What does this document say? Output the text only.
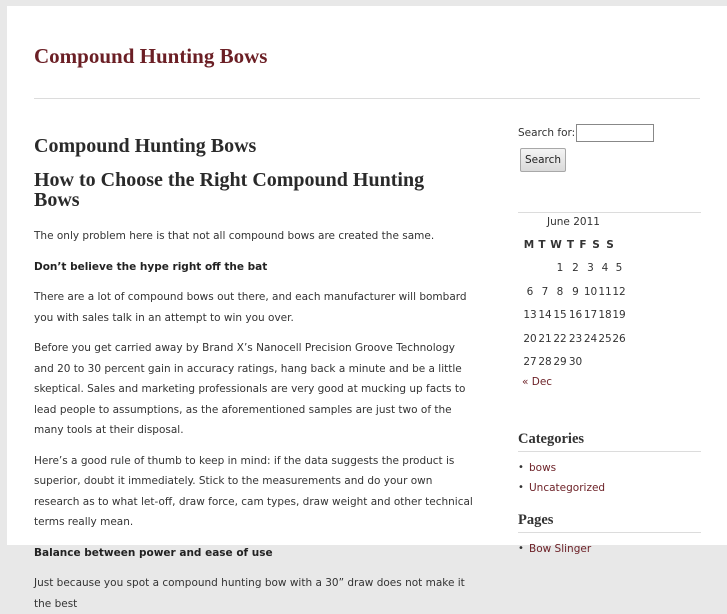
Compound Hunting Bows
Compound Hunting Bows
How to Choose the Right Compound Hunting Bows

The only problem here is that not all compound bows are created the same.

Don’t believe the hype right off the bat

There are a lot of compound bows out there, and each manufacturer will bombard you with sales talk in an attempt to win you over.

Before you get carried away by Brand X’s Nanocell Precision Groove Technology and 20 to 30 percent gain in accuracy ratings, hang back a minute and be a little skeptical. Sales and marketing professionals are very good at mucking up facts to lead people to assumptions, as the aforementioned samples are just two of the many tools at their disposal.

Here’s a good rule of thumb to keep in mind: if the data suggests the product is superior, doubt it immediately. Stick to the measurements and do your own research as to what let-off, draw force, cam types, draw weight and other technical terms really mean.

Balance between power and ease of use

Just because you spot a compound hunting bow with a 30” draw does not make it the best

Search for:
Search
June 2011
M T W T F S S
1 2 3 4 5
6 7 8 9 10 11 12
13 14 15 16 17 18 19
20 21 22 23 24 25 26
27 28 29 30
« Dec
Categories
• bows
• Uncategorized
Pages
• Bow Slinger
